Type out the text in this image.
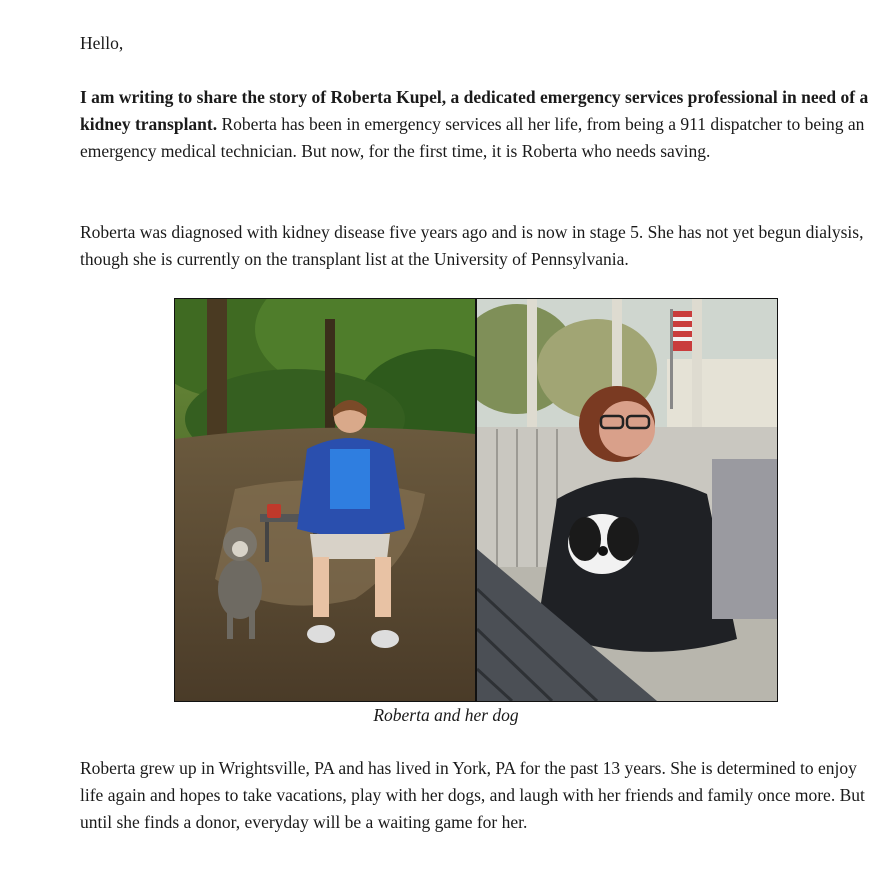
Hello,

I am writing to share the story of Roberta Kupel, a dedicated emergency services professional in need of a kidney transplant. Roberta has been in emergency services all her life, from being a 911 dispatcher to being an emergency medical technician. But now, for the first time, it is Roberta who needs saving.

Roberta was diagnosed with kidney disease five years ago and is now in stage 5. She has not yet begun dialysis, though she is currently on the transplant list at the University of Pennsylvania.

Roberta grew up in Wrightsville, PA and has lived in York, PA for the past 13 years. She is determined to enjoy life again and hopes to take vacations, play with her dogs, and laugh with her friends and family once more. But until she finds a donor, everyday will be a waiting game for her.

Roberta and her dog
